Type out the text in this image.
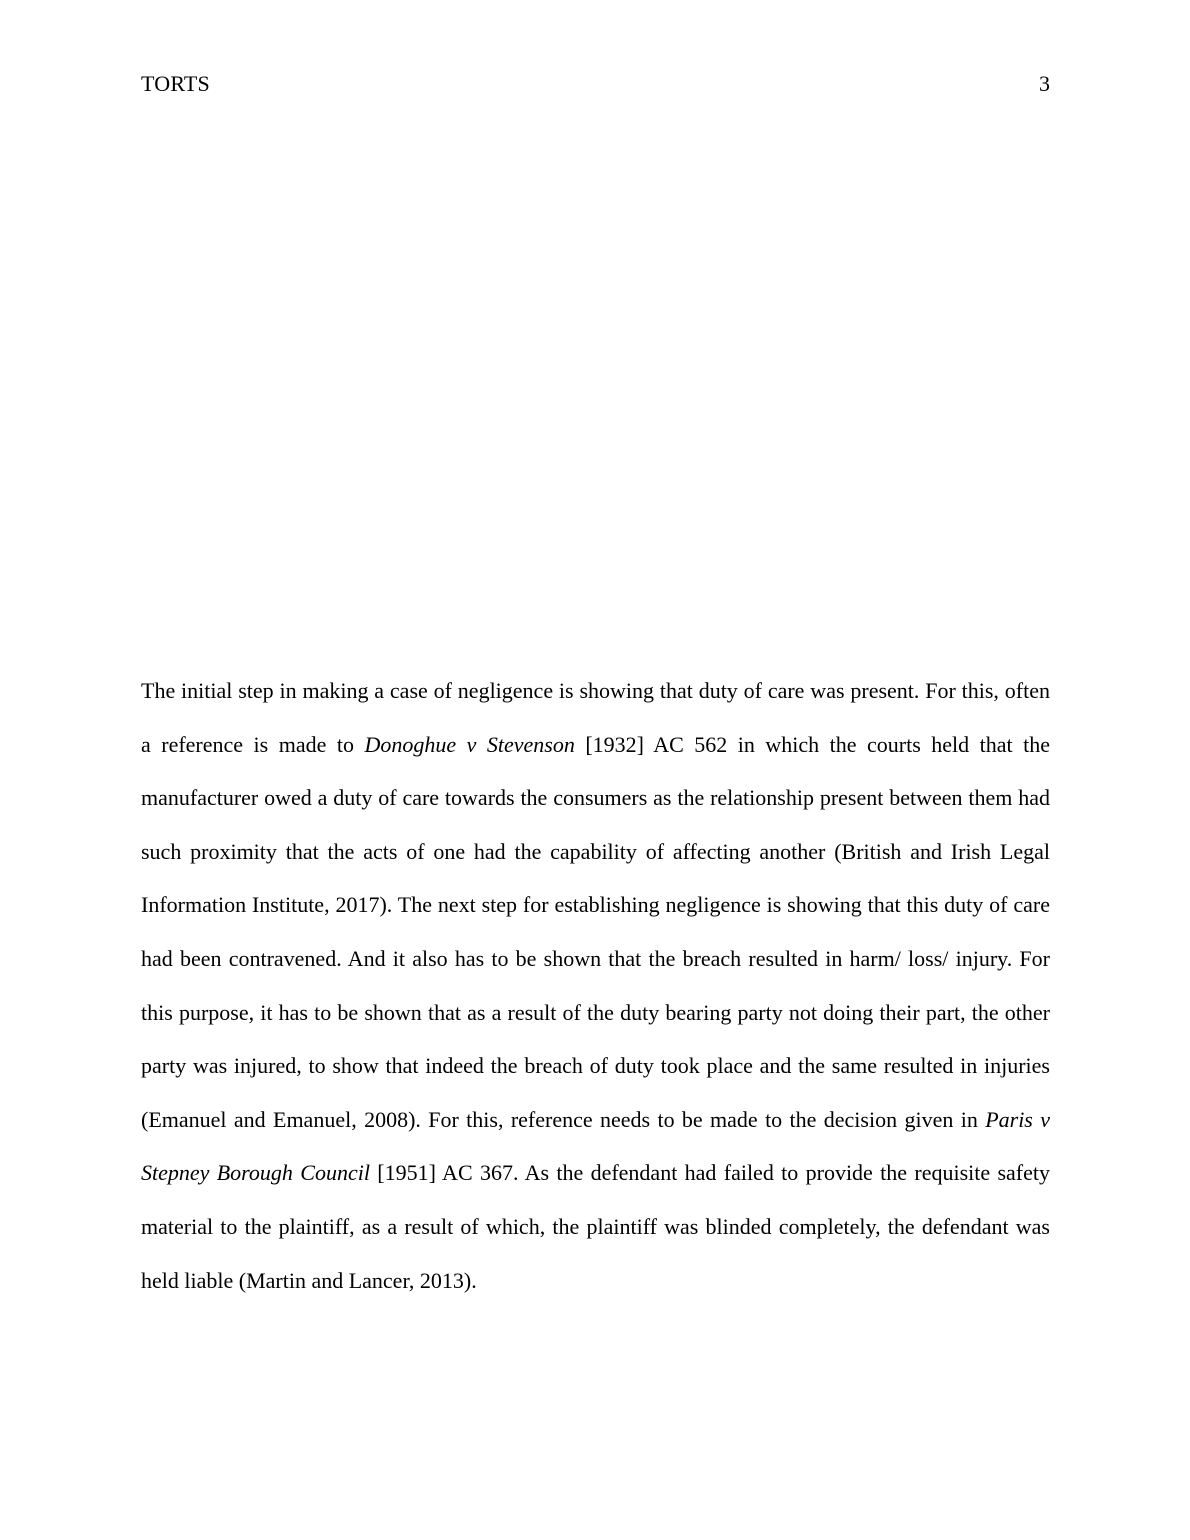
TORTS	3

The initial step in making a case of negligence is showing that duty of care was present. For this, often a reference is made to Donoghue v Stevenson [1932] AC 562 in which the courts held that the manufacturer owed a duty of care towards the consumers as the relationship present between them had such proximity that the acts of one had the capability of affecting another (British and Irish Legal Information Institute, 2017). The next step for establishing negligence is showing that this duty of care had been contravened. And it also has to be shown that the breach resulted in harm/ loss/ injury. For this purpose, it has to be shown that as a result of the duty bearing party not doing their part, the other party was injured, to show that indeed the breach of duty took place and the same resulted in injuries (Emanuel and Emanuel, 2008). For this, reference needs to be made to the decision given in Paris v Stepney Borough Council [1951] AC 367. As the defendant had failed to provide the requisite safety material to the plaintiff, as a result of which, the plaintiff was blinded completely, the defendant was held liable (Martin and Lancer, 2013).
